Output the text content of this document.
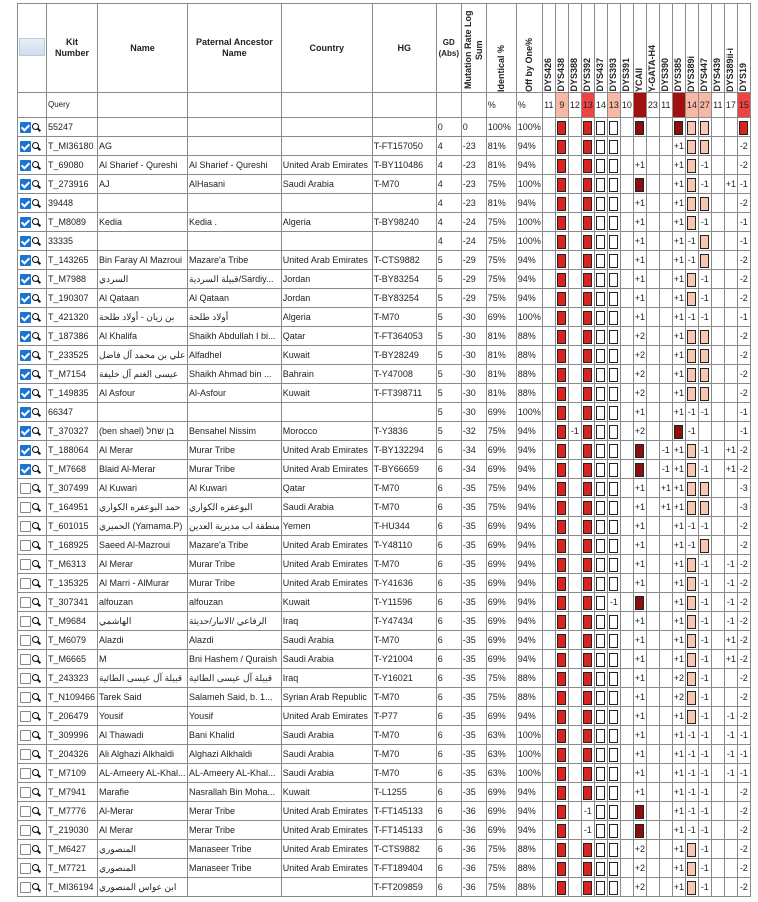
	Kit Number	Name	Paternal Ancestor Name	Country	HG	GD (Abs)	Mutation Rate Log Sum	Identical %	Off by One%	DYS426	DYS438	DYS388	DYS392	DYS437	DYS393	DYS391	YCAII	Y-GATA-H4	DYS390	DYS385	DYS389i	DYS447	DYS439	DYS389ii-i	DYS19

	Query							%	%	11	9	12	13	14	13	10		23	11		14	27	11	17	15
	55247					0	0	100%	100%																
	T_MI36180	AG			T-FT157050	4	-23	81%	94%											+1					-2
	T_69080	Al Sharief - Qureshi	Al Sharief - Qureshi	United Arab Emirates	T-BY110486	4	-23	81%	94%								+1			+1		-1			-2
	T_273916	AJ	AlHasani	Saudi Arabia	T-M70	4	-23	75%	100%											+1		-1		+1	-1
	39448					4	-23	81%	94%								+1			+1					-2
	T_M8089	Kedia	Kedia .	Algeria	T-BY98240	4	-24	75%	100%								+1			+1		-1			-1
	33335					4	-24	75%	100%								+1			+1	-1				-1
	T_143265	Bin Faray Al Mazroui	Mazare'a Tribe	United Arab Emirates	T-CTS9882	5	-29	75%	94%								+1			+1	-1				-2
	T_M7988	السردي	قبيلة السردية/Sardiy...	Jordan	T-BY83254	5	-29	75%	94%								+1			+1		-1			-2
	T_190307	Al Qataan	Al Qataan	Jordan	T-BY83254	5	-29	75%	94%								+1			+1		-1			-2
	T_421320	بن زيان - أولاد طلحة	أولاد طلحة	Algeria	T-M70	5	-30	69%	100%								+1			+1	-1	-1			-1
	T_187386	Al Khalifa	Shaikh Abdullah I bi...	Qatar	T-FT364053	5	-30	81%	88%								+2			+1					-2
	T_233525	علي بن محمد آل فاضل	Alfadhel	Kuwait	T-BY28249	5	-30	81%	88%								+2			+1					-2
	T_M7154	عيسى الغتم آل خليفة	Shaikh Ahmad bin ...	Bahrain	T-Y47008	5	-30	81%	88%								+2			+1					-2
	T_149835	Al Asfour	Al-Asfour	Kuwait	T-FT398711	5	-30	81%	88%								+2			+1					-2
	66347					5	-30	69%	100%								+1			+1	-1	-1			-1
	T_370327	(ben shael) בן שחל	Bensahel Nissim	Morocco	T-Y3836	5	-32	75%	94%			-1					+2				-1				-1
	T_188064	Al Merar	Murar Tribe	United Arab Emirates	T-BY132294	6	-34	69%	94%										-1	+1		-1		+1	-2
	T_M7668	Blaid Al-Merar	Murar Tribe	United Arab Emirates	T-BY66659	6	-34	69%	94%										-1	+1		-1		+1	-2
	T_307499	Al Kuwari	Al Kuwari	Qatar	T-M70	6	-35	75%	94%								+1		+1	+1					-3
	T_164951	حمد البوعفره الكواري	البوعفره الكواري	Saudi Arabia	T-M70	6	-35	75%	94%								+1		+1	+1					-3
	T_601015	الحميري (Yamama.P)	منطقة اب مديرية العدين	Yemen	T-HU344	6	-35	69%	94%								+1			+1	-1	-1			-2
	T_168925	Saeed Al-Mazroui	Mazare'a Tribe	United Arab Emirates	T-Y48110	6	-35	69%	94%								+1			+1	-1				-2
	T_M6313	Al Merar	Murar Tribe	United Arab Emirates	T-M70	6	-35	69%	94%								+1			+1		-1		-1	-2
	T_135325	Al Marri - AlMurar	Murar Tribe	United Arab Emirates	T-Y41636	6	-35	69%	94%								+1			+1		-1		-1	-2
	T_307341	alfouzan	alfouzan	Kuwait	T-Y11596	6	-35	69%	94%						-1					+1		-1		-1	-2
	T_M9684	الهاشمي	الرفاعي /الانبار/حديثة	Iraq	T-Y47434	6	-35	69%	94%								+1			+1		-1		-1	-2
	T_M6079	Alazdi	Alazdi	Saudi Arabia	T-M70	6	-35	69%	94%								+1			+1		-1		+1	-2
	T_M6665	M	Bni Hashem / Quraish	Saudi Arabia	T-Y21004	6	-35	69%	94%								+1			+1		-1		+1	-2
	T_243323	قبيلة آل عيسى الطائية	قبيلة آل عيسى الطائية	Iraq	T-Y16021	6	-35	75%	88%								+1			+2		-1			-2
	T_N109466	Tarek Said	Salameh Said, b. 1...	Syrian Arab Republic	T-M70	6	-35	75%	88%								+1			+2		-1			-2
	T_206479	Yousif	Yousif	United Arab Emirates	T-P77	6	-35	69%	94%								+1			+1		-1		-1	-2
	T_309996	Al Thawadi	Bani Khalid	Saudi Arabia	T-M70	6	-35	63%	100%								+1			+1	-1	-1		-1	-1
	T_204326	Ali Alghazi Alkhaldi	Alghazi Alkhaldi	Saudi Arabia	T-M70	6	-35	63%	100%								+1			+1	-1	-1		-1	-1
	T_M7109	AL-Ameery AL-Khal...	AL-Ameery AL-Khal...	Saudi Arabia	T-M70	6	-35	63%	100%								+1			+1	-1	-1		-1	-1
	T_M7941	Marafie	Nasrallah Bin Moha...	Kuwait	T-L1255	6	-35	69%	94%								+1			+1	-1	-1			-2
	T_M7776	Al-Merar	Merar Tribe	United Arab Emirates	T-FT145133	6	-36	69%	94%				-1							+1	-1	-1			-2
	T_219030	Al Merar	Merar Tribe	United Arab Emirates	T-FT145133	6	-36	69%	94%				-1							+1	-1	-1			-2
	T_M6427	المنصوري	Manaseer Tribe	United Arab Emirates	T-CTS9882	6	-36	75%	88%								+2			+1		-1			-2
	T_M7721	المنصوري	Manaseer Tribe	United Arab Emirates	T-FT189404	6	-36	75%	88%								+2			+1		-1			-2
	T_MI36194	ابن عواس المنصوري			T-FT209859	6	-36	75%	88%								+2			+1		-1			-2
